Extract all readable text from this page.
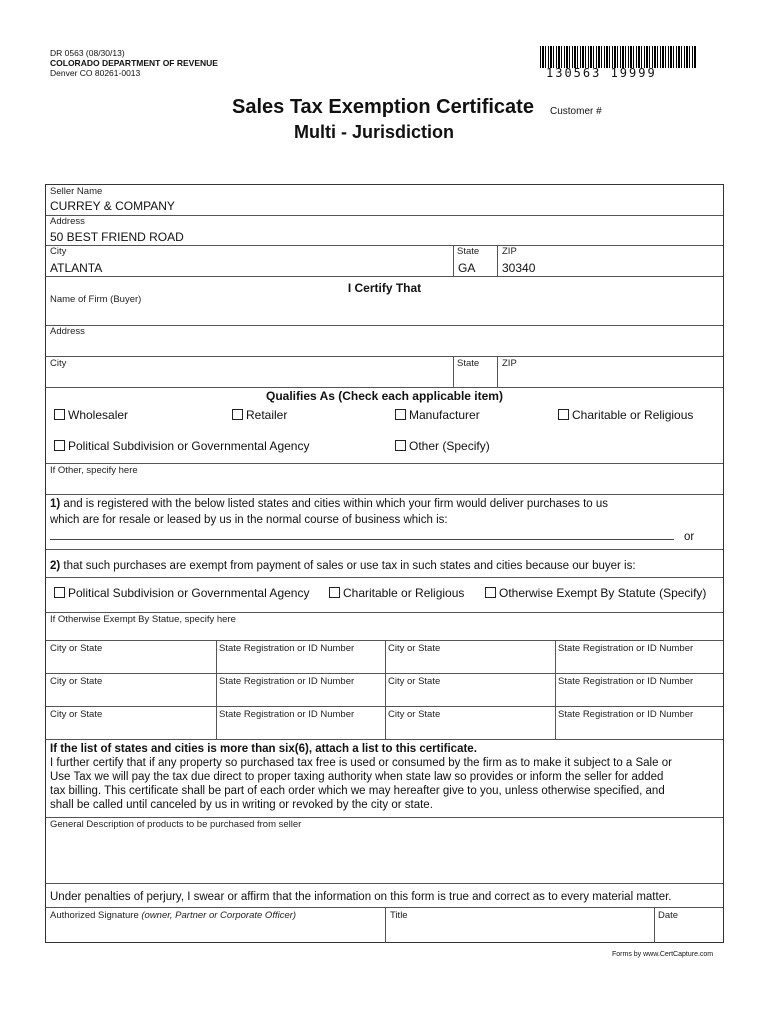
DR 0563 (08/30/13)
COLORADO DEPARTMENT OF REVENUE
Denver CO 80261-0013	130563 19999
Sales Tax Exemption Certificate
Multi - Jurisdiction
Customer #
Seller Name
CURREY & COMPANY
Address
50 BEST FRIEND ROAD
City
ATLANTA
State
GA
ZIP
30340
I Certify That
Name of Firm (Buyer)
Address
City	State ZIP
Qualifies As (Check each applicable item)
Wholesaler	Retailer	Manufacturer	Charitable or Religious
Political Subdivision or Governmental Agency	Other (Specify)
If Other, specify here
1) and is registered with the below listed states and cities within which your firm would deliver purchases to us
which are for resale or leased by us in the normal course of business which is:
or
2) that such purchases are exempt from payment of sales or use tax in such states and cities because our buyer is:
Political Subdivision or Governmental Agency	Charitable or Religious	Otherwise Exempt By Statute (Specify)
If Otherwise Exempt By Statue, specify here
City or State	State Registration or ID Number	City or State	State Registration or ID Number
City or State	State Registration or ID Number	City or State	State Registration or ID Number
City or State	State Registration or ID Number	City or State	State Registration or ID Number
If the list of states and cities is more than six(6), attach a list to this certificate.
I further certify that if any property so purchased tax free is used or consumed by the firm as to make it subject to a Sale or
Use Tax we will pay the tax due direct to proper taxing authority when state law so provides or inform the seller for added
tax billing. This certificate shall be part of each order which we may hereafter give to you, unless otherwise specified, and
shall be called until canceled by us in writing or revoked by the city or state.
General Description of products to be purchased from seller
Under penalties of perjury, I swear or affirm that the information on this form is true and correct as to every material matter.
Authorized Signature (owner, Partner or Corporate Officer)	Title	Date
Forms by www.CertCapture.com
